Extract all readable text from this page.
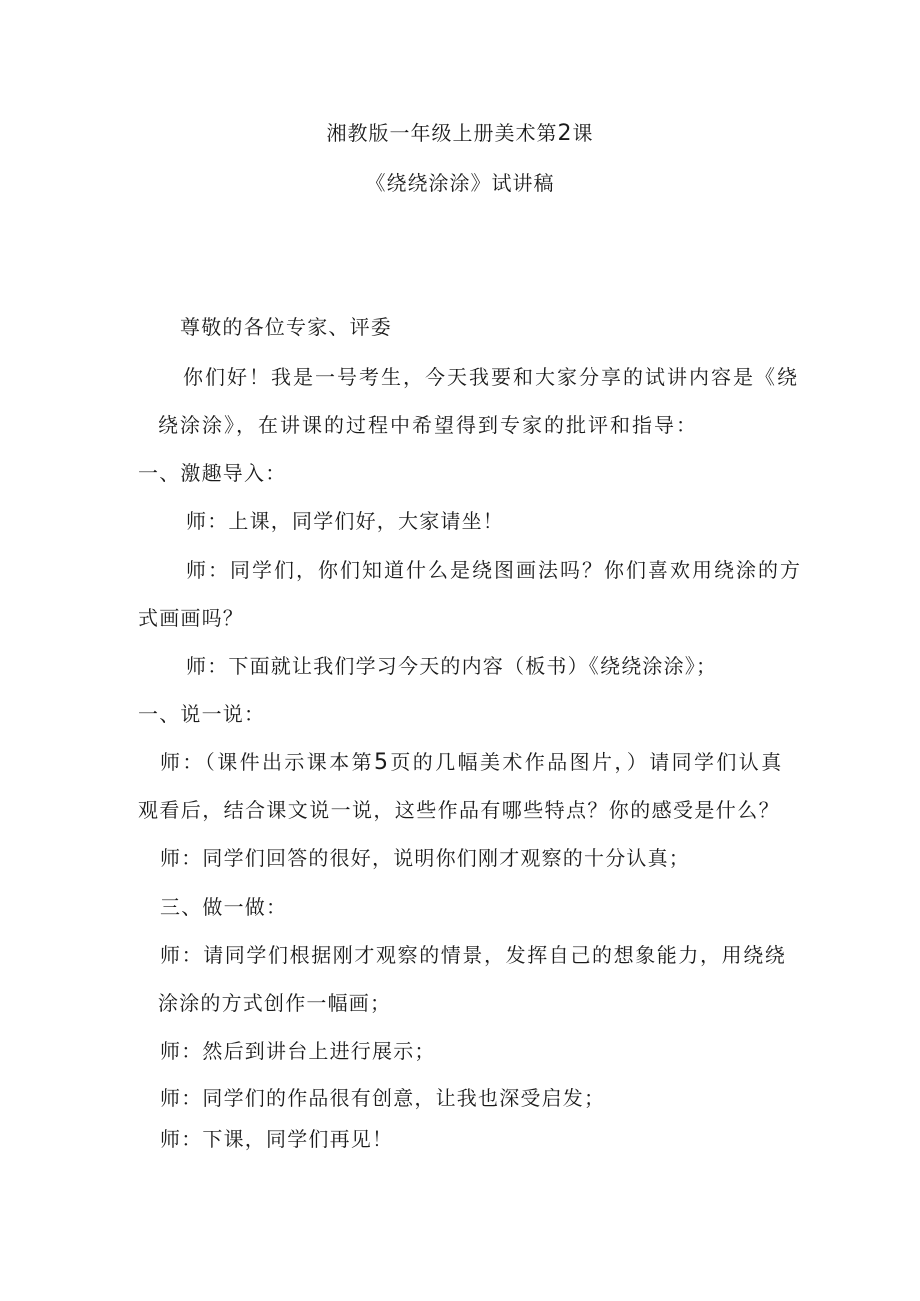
湘教版一年级上册美术第2课
《绕绕涂涂》试讲稿
尊敬的各位专家、评委
你们好！我是一号考生，今天我要和大家分享的试讲内容是《绕
绕涂涂》，在讲课的过程中希望得到专家的批评和指导：
一、激趣导入：
师：上课，同学们好，大家请坐！
师：同学们，你们知道什么是绕图画法吗？你们喜欢用绕涂的方
式画画吗？
师：下面就让我们学习今天的内容（板书）《绕绕涂涂》；
一、说一说：
师：（课件出示课本第5页的几幅美术作品图片，）请同学们认真
观看后，结合课文说一说，这些作品有哪些特点？你的感受是什么？
师：同学们回答的很好，说明你们刚才观察的十分认真；
三、做一做：
师：请同学们根据刚才观察的情景，发挥自己的想象能力，用绕绕
涂涂的方式创作一幅画；
师：然后到讲台上进行展示；
师：同学们的作品很有创意，让我也深受启发；
师：下课，同学们再见！
